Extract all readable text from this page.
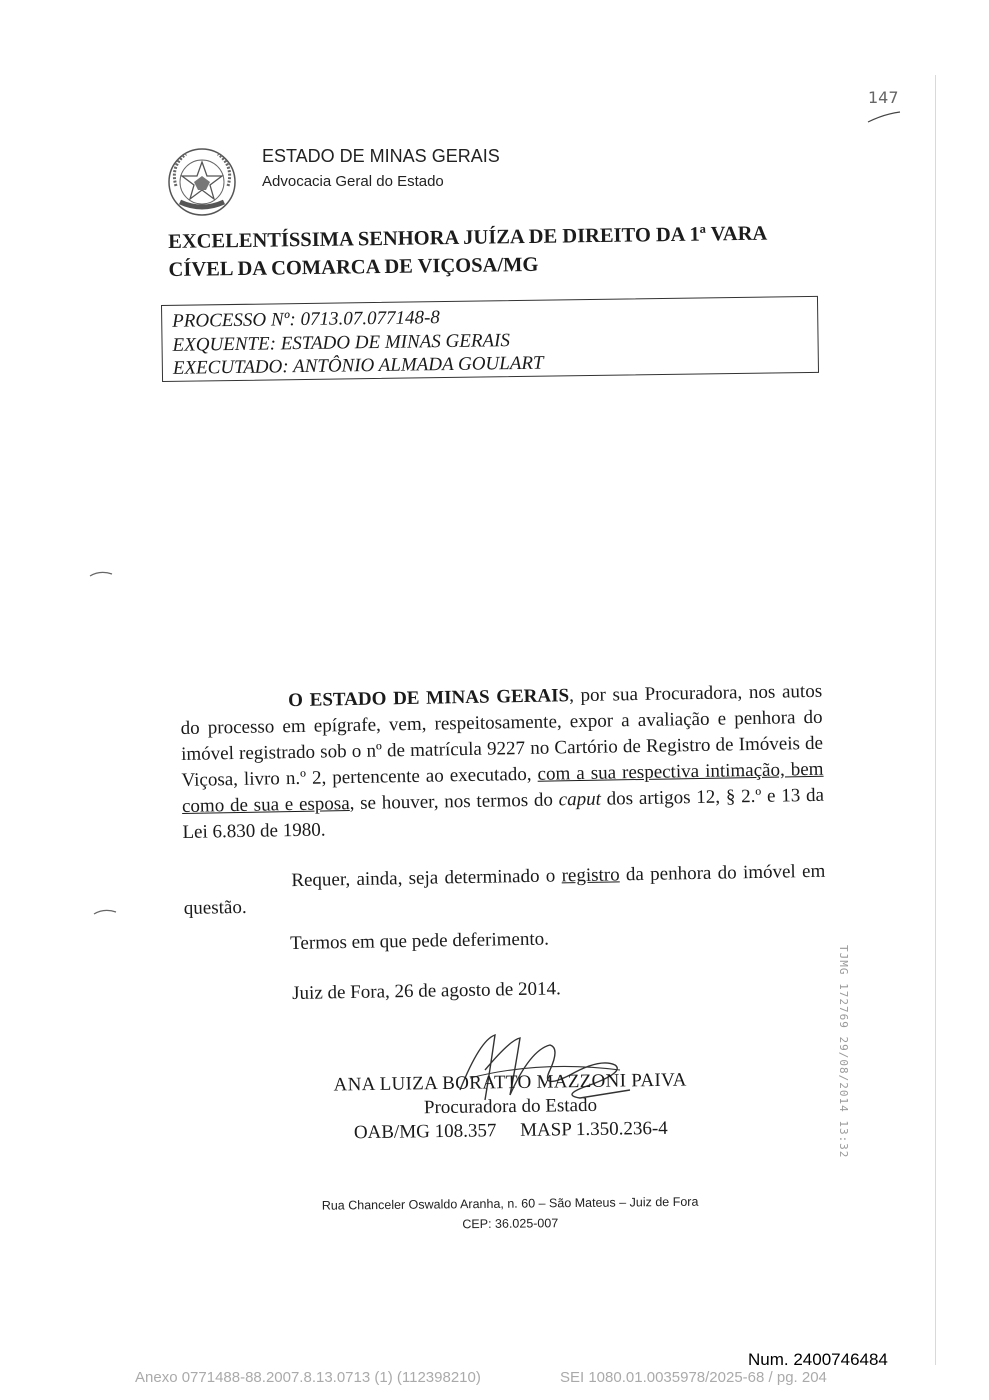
147
ESTADO DE MINAS GERAIS
Advocacia Geral do Estado
EXCELENTÍSSIMA SENHORA JUÍZA DE DIREITO DA 1ª VARA
CÍVEL DA COMARCA DE VIÇOSA/MG
PROCESSO Nº: 0713.07.077148-8
EXQUENTE: ESTADO DE MINAS GERAIS
EXECUTADO: ANTÔNIO ALMADA GOULART

O ESTADO DE MINAS GERAIS, por sua Procuradora, nos autos do processo em epígrafe, vem, respeitosamente, expor a avaliação e penhora do imóvel registrado sob o nº de matrícula 9227 no Cartório de Registro de Imóveis de Viçosa, livro n.º 2, pertencente ao executado, com a sua respectiva intimação, bem como de sua e esposa, se houver, nos termos do caput dos artigos 12, § 2.º e 13 da Lei 6.830 de 1980.

Requer, ainda, seja determinado o registro da penhora do imóvel em questão.

Termos em que pede deferimento.
Juiz de Fora, 26 de agosto de 2014.
ANA LUIZA BORATTO MAZZONI PAIVA
Procuradora do Estado
OAB/MG 108.357     MASP 1.350.236-4	TJMG 172769 29/08/2014 13:32
Rua Chanceler Oswaldo Aranha, n. 60 – São Mateus – Juiz de Fora
CEP: 36.025-007
Num. 2400746484
Anexo 0771488-88.2007.8.13.0713 (1) (112398210)	SEI 1080.01.0035978/2025-68 / pg. 204
